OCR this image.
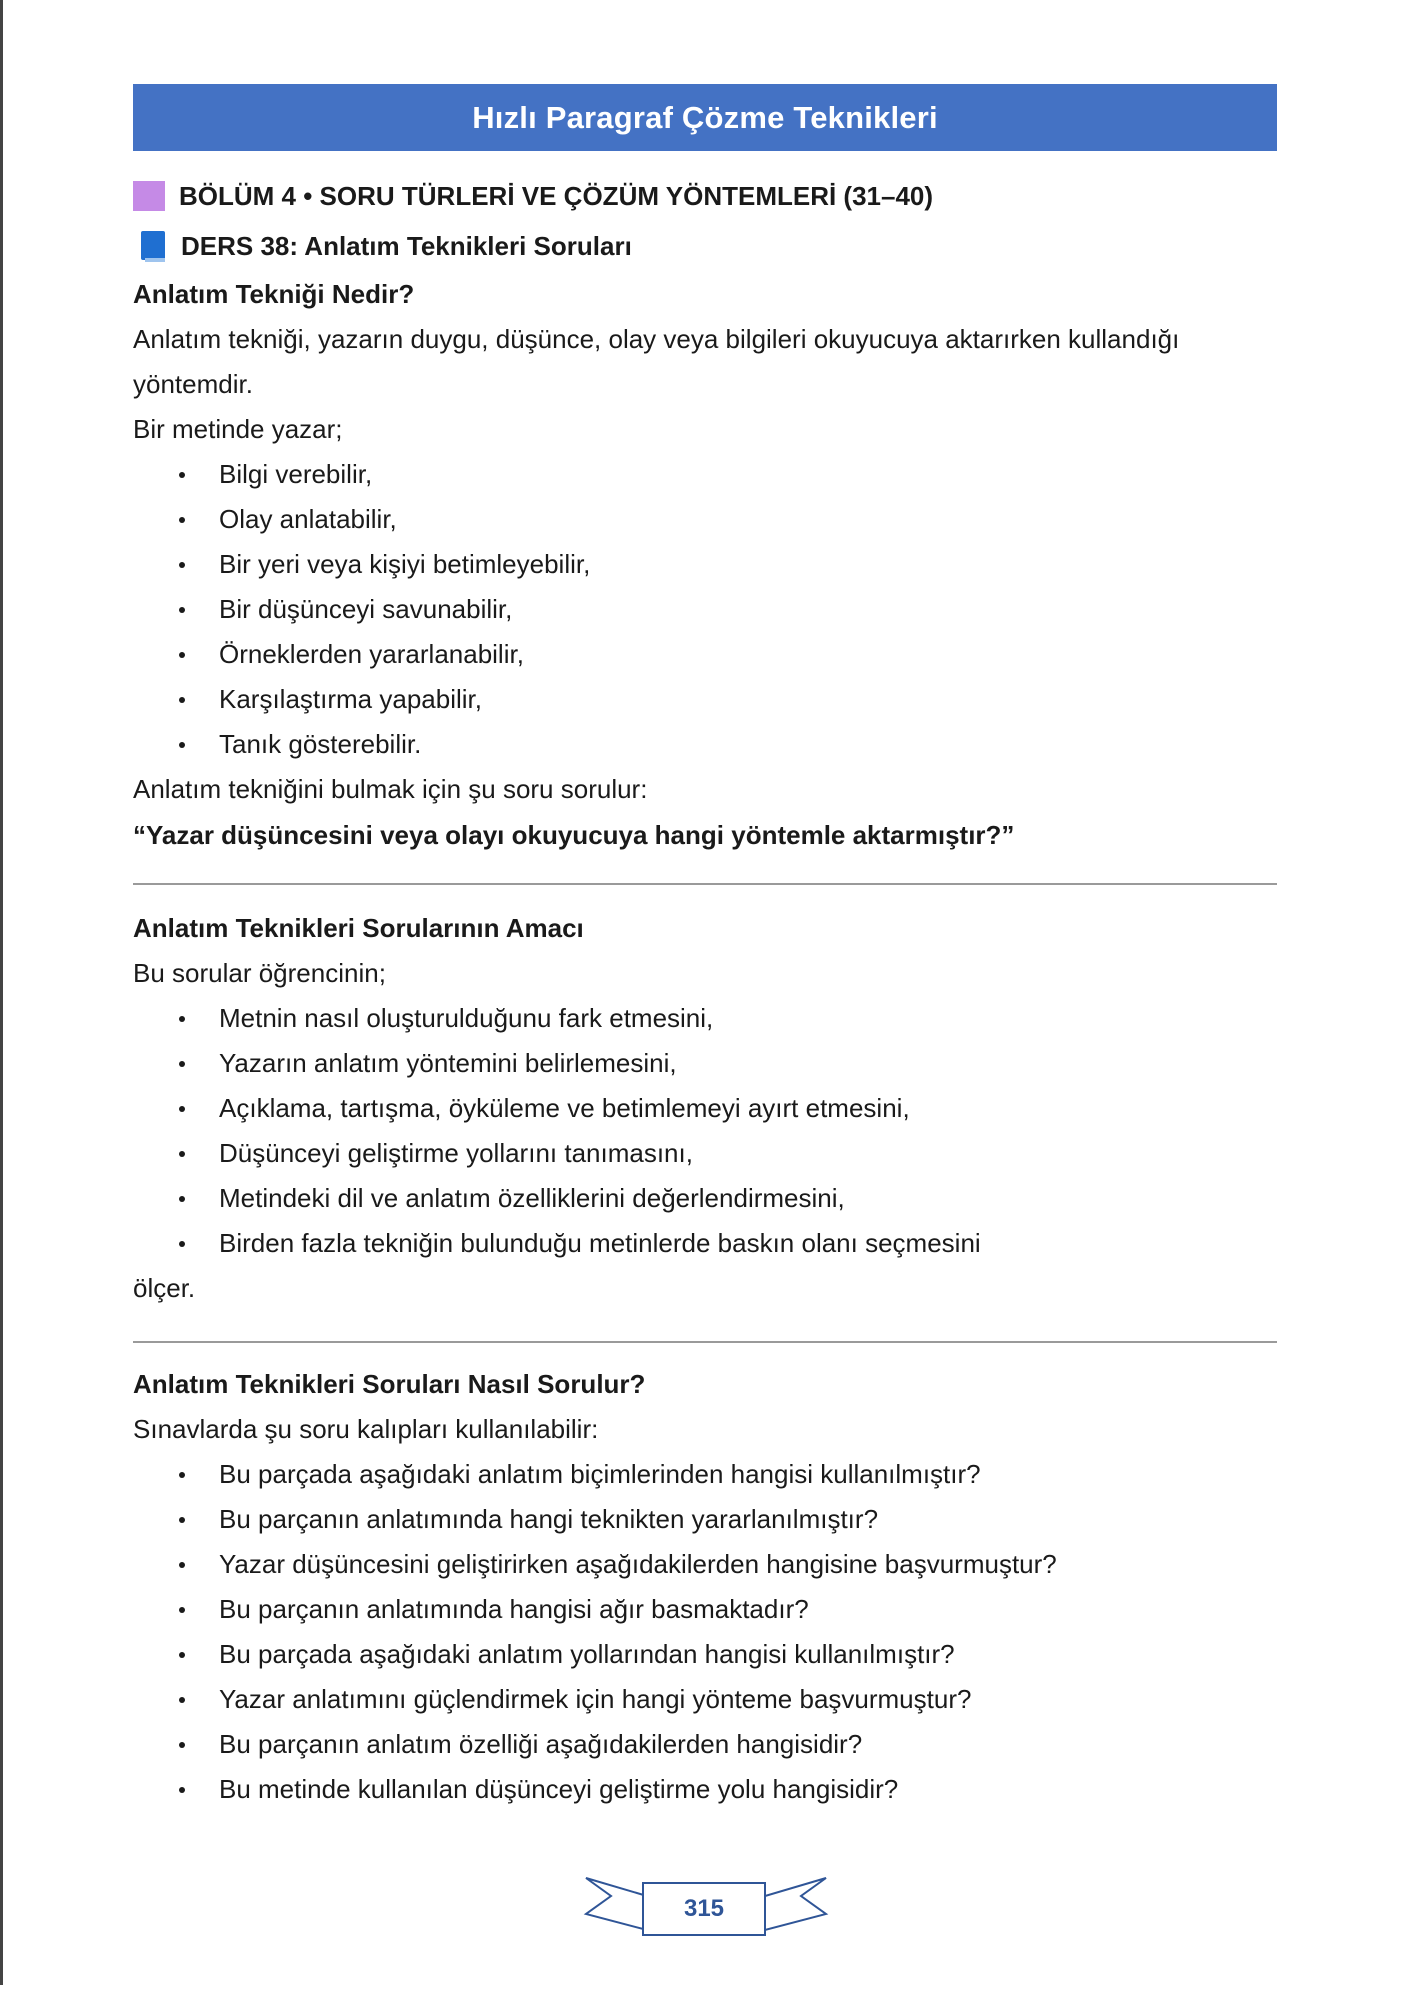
Hızlı Paragraf Çözme Teknikleri
BÖLÜM 4 • SORU TÜRLERİ VE ÇÖZÜM YÖNTEMLERİ (31–40)
DERS 38: Anlatım Teknikleri Soruları
Anlatım Tekniği Nedir?
Anlatım tekniği, yazarın duygu, düşünce, olay veya bilgileri okuyucuya aktarırken kullandığı yöntemdir.
Bir metinde yazar;
Bilgi verebilir,
Olay anlatabilir,
Bir yeri veya kişiyi betimleyebilir,
Bir düşünceyi savunabilir,
Örneklerden yararlanabilir,
Karşılaştırma yapabilir,
Tanık gösterebilir.
Anlatım tekniğini bulmak için şu soru sorulur:
“Yazar düşüncesini veya olayı okuyucuya hangi yöntemle aktarmıştır?”
Anlatım Teknikleri Sorularının Amacı
Bu sorular öğrencinin;
Metnin nasıl oluşturulduğunu fark etmesini,
Yazarın anlatım yöntemini belirlemesini,
Açıklama, tartışma, öyküleme ve betimlemeyi ayırt etmesini,
Düşünceyi geliştirme yollarını tanımasını,
Metindeki dil ve anlatım özelliklerini değerlendirmesini,
Birden fazla tekniğin bulunduğu metinlerde baskın olanı seçmesini
ölçer.
Anlatım Teknikleri Soruları Nasıl Sorulur?
Sınavlarda şu soru kalıpları kullanılabilir:
Bu parçada aşağıdaki anlatım biçimlerinden hangisi kullanılmıştır?
Bu parçanın anlatımında hangi teknikten yararlanılmıştır?
Yazar düşüncesini geliştirirken aşağıdakilerden hangisine başvurmuştur?
Bu parçanın anlatımında hangisi ağır basmaktadır?
Bu parçada aşağıdaki anlatım yollarından hangisi kullanılmıştır?
Yazar anlatımını güçlendirmek için hangi yönteme başvurmuştur?
Bu parçanın anlatım özelliği aşağıdakilerden hangisidir?
Bu metinde kullanılan düşünceyi geliştirme yolu hangisidir?
315
